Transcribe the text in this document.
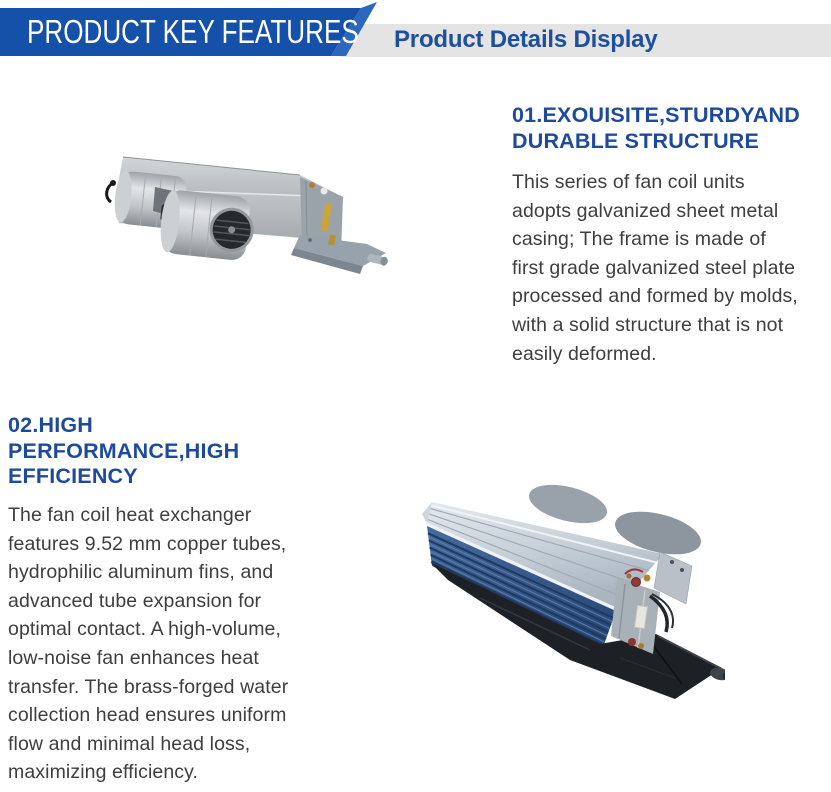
PRODUCT KEY FEATURES Product Details Display
01.EXOUISITE,STURDYAND
DURABLE STRUCTURE
This series of fan coil units
adopts galvanized sheet metal
casing; The frame is made of
first grade galvanized steel plate
processed and formed by molds,
with a solid structure that is not
easily deformed.
02.HIGH
PERFORMANCE,HIGH
EFFICIENCY
The fan coil heat exchanger
features 9.52 mm copper tubes,
hydrophilic aluminum fins, and
advanced tube expansion for
optimal contact. A high-volume,
low-noise fan enhances heat
transfer. The brass-forged water
collection head ensures uniform
flow and minimal head loss,
maximizing efficiency.
